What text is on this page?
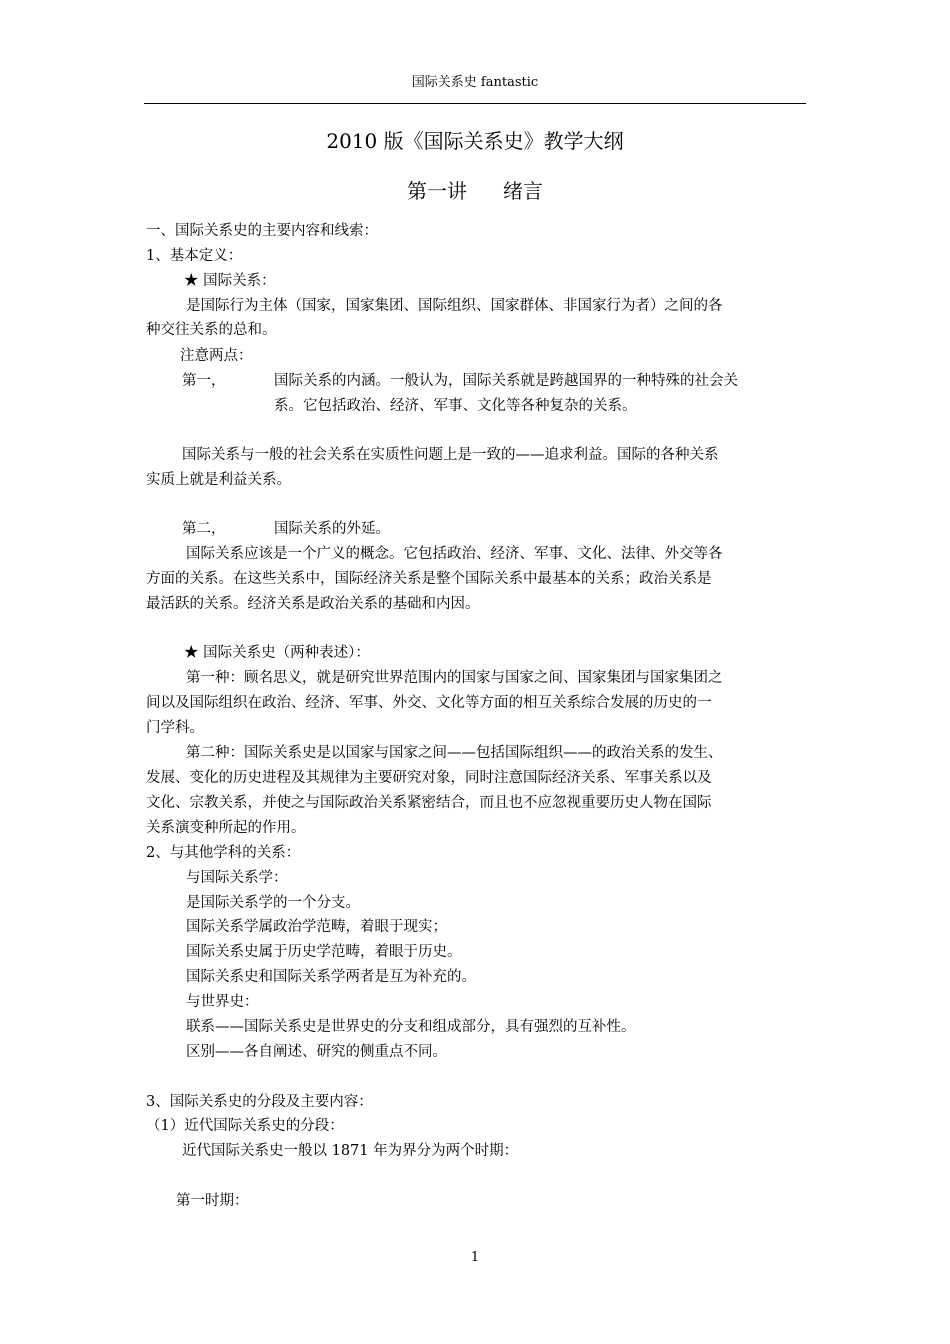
国际关系史 fantastic
2010 版《国际关系史》教学大纲
第一讲 绪言
一、国际关系史的主要内容和线索：
1、基本定义：
★ 国际关系：
是国际行为主体（国家，国家集团、国际组织、国家群体、非国家行为者）之间的各
种交往关系的总和。
注意两点：
第一，	国际关系的内涵。一般认为，国际关系就是跨越国界的一种特殊的社会关
系。它包括政治、经济、军事、文化等各种复杂的关系。
国际关系与一般的社会关系在实质性问题上是一致的——追求利益。国际的各种关系
实质上就是利益关系。
第二，	国际关系的外延。
国际关系应该是一个广义的概念。它包括政治、经济、军事、文化、法律、外交等各
方面的关系。在这些关系中，国际经济关系是整个国际关系中最基本的关系；政治关系是
最活跃的关系。经济关系是政治关系的基础和内因。
★ 国际关系史（两种表述）：
第一种：顾名思义，就是研究世界范围内的国家与国家之间、国家集团与国家集团之
间以及国际组织在政治、经济、军事、外交、文化等方面的相互关系综合发展的历史的一
门学科。
第二种：国际关系史是以国家与国家之间——包括国际组织——的政治关系的发生、
发展、变化的历史进程及其规律为主要研究对象，同时注意国际经济关系、军事关系以及
文化、宗教关系，并使之与国际政治关系紧密结合，而且也不应忽视重要历史人物在国际
关系演变种所起的作用。
2、与其他学科的关系：
与国际关系学：
是国际关系学的一个分支。
国际关系学属政治学范畴，着眼于现实；
国际关系史属于历史学范畴，着眼于历史。
国际关系史和国际关系学两者是互为补充的。
与世界史：
联系——国际关系史是世界史的分支和组成部分，具有强烈的互补性。
区别——各自阐述、研究的侧重点不同。
3、国际关系史的分段及主要内容：
（1）近代国际关系史的分段：
近代国际关系史一般以 1871 年为界分为两个时期：
第一时期：
1
